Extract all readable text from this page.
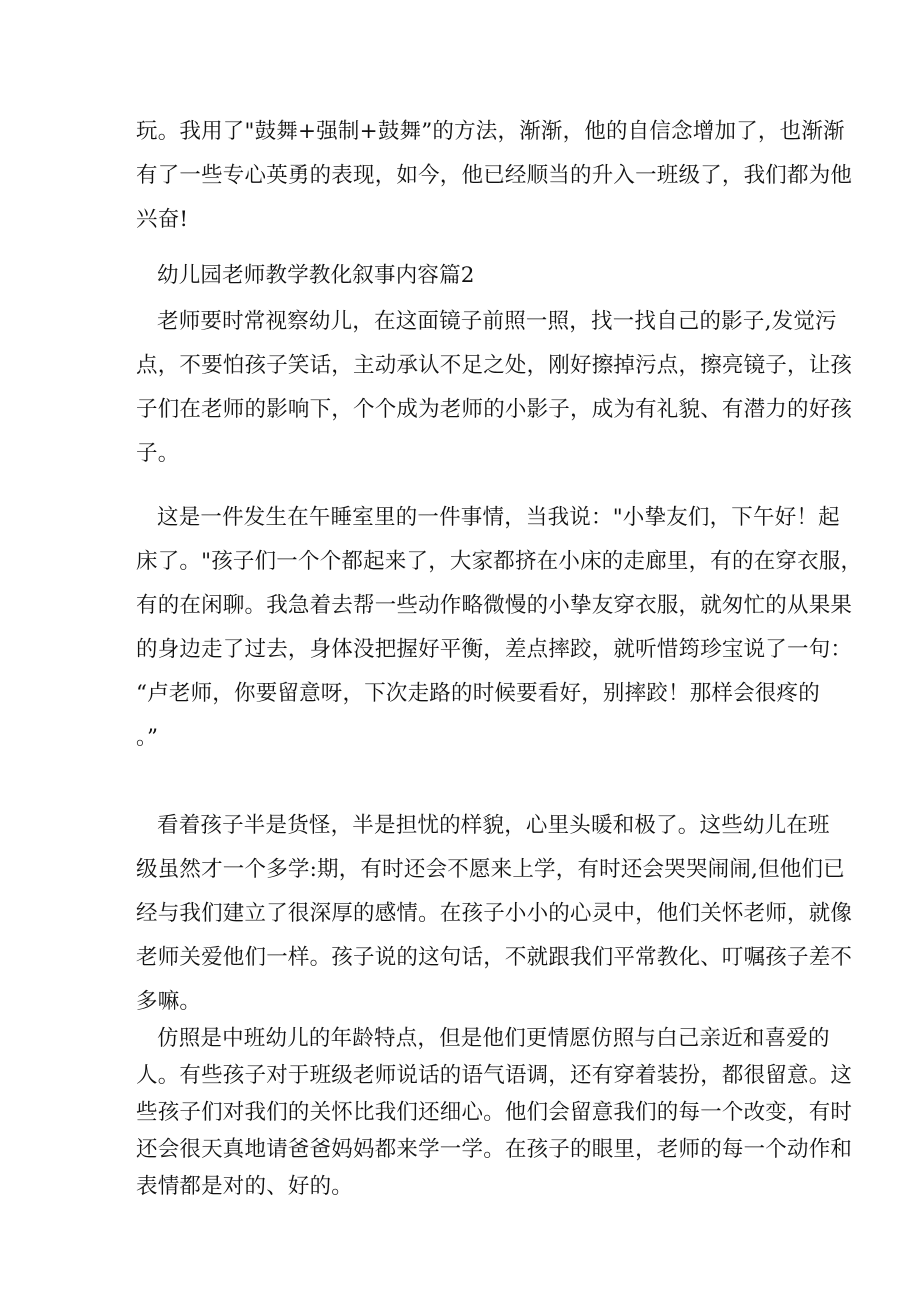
玩。我用了"鼓舞+强制+鼓舞”的方法，渐渐，他的自信念增加了，也渐渐
有了一些专心英勇的表现，如今，他已经顺当的升入一班级了，我们都为他
兴奋!
幼儿园老师教学教化叙事内容篇2
老师要时常视察幼儿，在这面镜子前照一照，找一找自己的影子,发觉污
点，不要怕孩子笑话，主动承认不足之处，刚好擦掉污点，擦亮镜子，让孩
子们在老师的影响下，个个成为老师的小影子，成为有礼貌、有潜力的好孩
子。
这是一件发生在午睡室里的一件事情，当我说："小挚友们，下午好！起
床了。"孩子们一个个都起来了，大家都挤在小床的走廊里，有的在穿衣服，
有的在闲聊。我急着去帮一些动作略微慢的小挚友穿衣服，就匆忙的从果果
的身边走了过去，身体没把握好平衡，差点摔跤，就听惜筠珍宝说了一句：
“卢老师，你要留意呀，下次走路的时候要看好，别摔跤！那样会很疼的
。”
看着孩子半是货怪，半是担忧的样貌，心里头暖和极了。这些幼儿在班
级虽然才一个多学:期，有时还会不愿来上学，有时还会哭哭闹闹,但他们已
经与我们建立了很深厚的感情。在孩子小小的心灵中，他们关怀老师，就像
老师关爱他们一样。孩子说的这句话，不就跟我们平常教化、叮嘱孩子差不
多嘛。
仿照是中班幼儿的年龄特点，但是他们更情愿仿照与白己亲近和喜爱的
人。有些孩子对于班级老师说话的语气语调，还有穿着装扮，都很留意。这
些孩子们对我们的关怀比我们还细心。他们会留意我们的每一个改变，有时
还会很天真地请爸爸妈妈都来学一学。在孩子的眼里，老师的每一个动作和
表情都是对的、好的。
